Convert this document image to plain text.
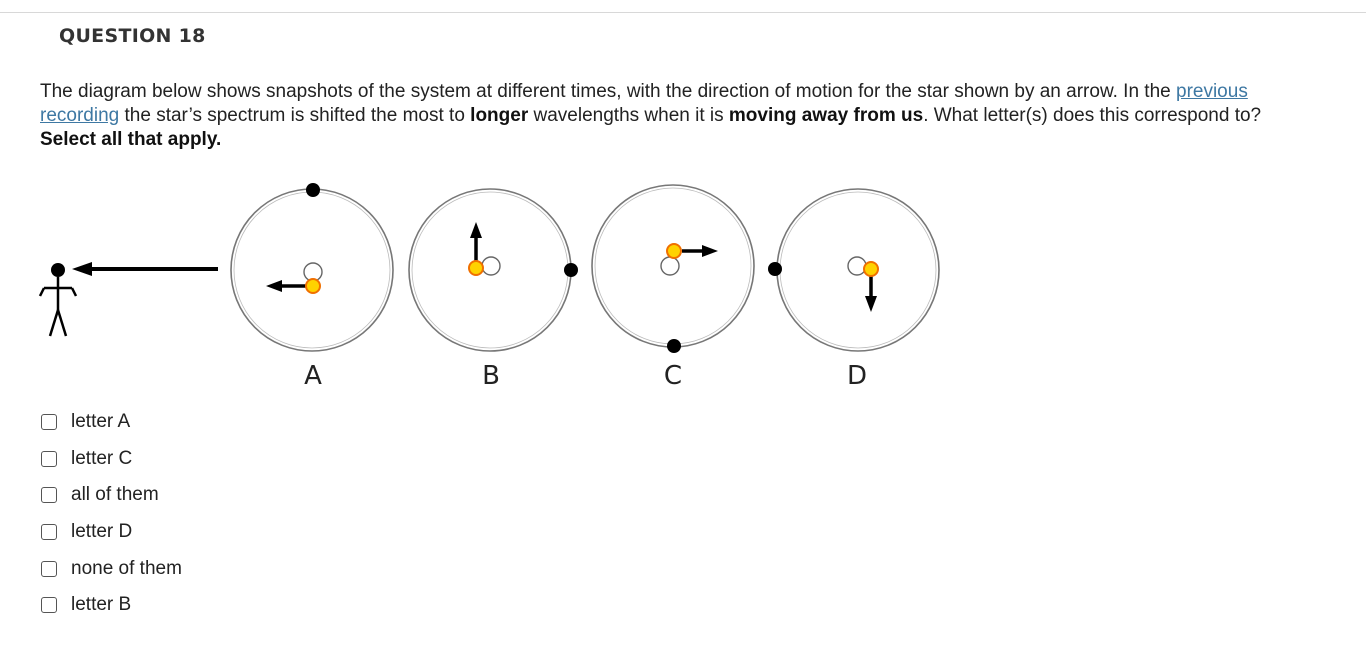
QUESTION 18
The diagram below shows snapshots of the system at different times, with the direction of motion for the star shown by an arrow. In the previous recording the star’s spectrum is shifted the most to longer wavelengths when it is moving away from us. What letter(s) does this correspond to? Select all that apply.
A	B	C	D
letter A
letter C
all of them
letter D
none of them
letter B
